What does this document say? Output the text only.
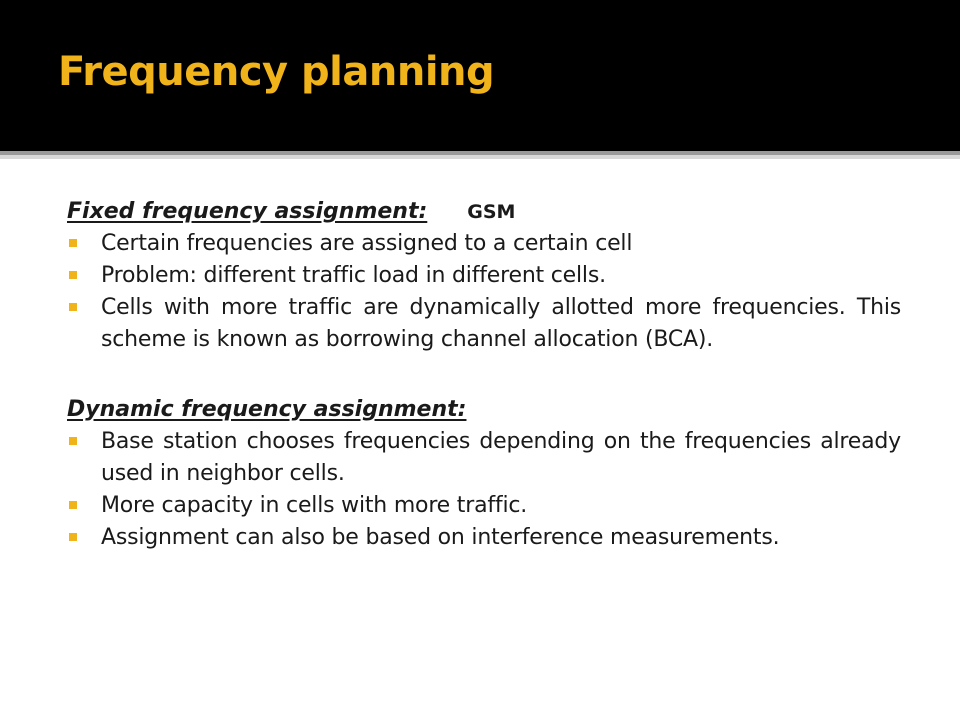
Frequency planning

Fixed frequency assignment: GSM

Certain frequencies are assigned to a certain cell
Problem: different traffic load in different cells.
Cells with more traffic are dynamically allotted more frequencies. This scheme is known as borrowing channel allocation (BCA).

Dynamic frequency assignment:

Base station chooses frequencies depending on the frequencies already used in neighbor cells.
More capacity in cells with more traffic.
Assignment can also be based on interference measurements.
